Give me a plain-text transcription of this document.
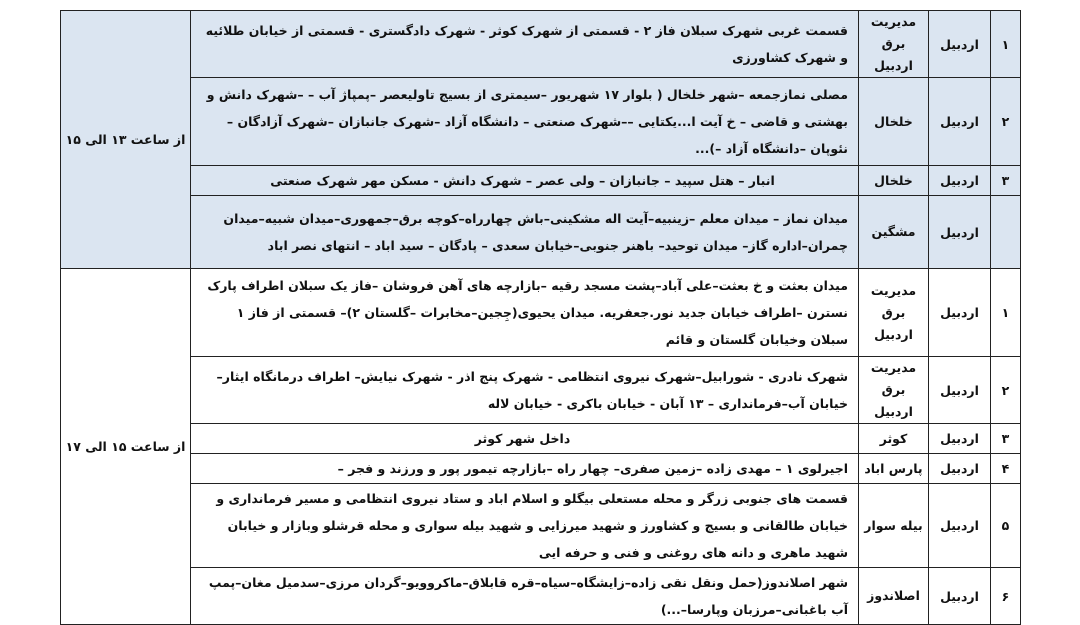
۱	اردبیل	مدیریت برق اردبیل	قسمت غربی شهرک سبلان فاز ۲ - قسمتی از شهرک کوثر - شهرک دادگستری - قسمتی از خیابان طلائیه و شهرک کشاورزی	از ساعت ۱۳ الی ۱۵
۲	اردبیل	خلخال	مصلی نمازجمعه –شهر خلخال ( بلوار ۱۷ شهریور –سیمتری از بسیج تاولیعصر –پمپاژ آب – –شهرک دانش و بهشتی و قاضی – خ آیت ا...یکتایی ––شهرک صنعتی – دانشگاه آزاد –شهرک جانبازان –شهرک آزادگان – نئوپان –دانشگاه آزاد –)...	
۳	اردبیل	خلخال	انبار – هتل سپید – جانبازان – ولی عصر – شهرک دانش - مسکن مهر شهرک صنعتی	
	اردبیل	مشگین	میدان نماز – میدان معلم –زینبیه–آیت اله مشکینی–باش چهارراه–کوچه برق–جمهوری–میدان شبیه–میدان چمران–اداره گاز– میدان توحید– باهنر جنوبی–خیابان سعدی – پادگان – سید اباد – انتهای نصر اباد	
۱	اردبیل	مدیریت برق اردبیل	میدان بعثت و خ بعثت–علی آباد–پشت مسجد رقیه –بازارچه های آهن فروشان –فاز یک سبلان اطراف پارک نسترن –اطراف خیابان جدید نور.جعفریه. میدان یحیوی(جِجین–مخابرات –گلستان ۲)– قسمتی از فاز ۱ سبلان وخیابان گلستان و قائم	از ساعت ۱۵ الی ۱۷
۲	اردبیل	مدیریت برق اردبیل	شهرک نادری - شورابیل–شهرک نیروی انتظامی - شهرک پنج اذر - شهرک نیایش– اطراف درمانگاه ایثار–خیابان آب–فرمانداری – ۱۳ آبان - خیابان باکری - خیابان لاله	
۳	اردبیل	کوثر	داخل شهر کوثر	
۴	اردبیل	پارس اباد	اجیرلوی ۱ – مهدی زاده –زمین صفری– چهار راه –بازارچه تیمور پور و ورزند و فجر –	
۵	اردبیل	بیله سوار	قسمت های جنوبی زرگر و محله مستعلی بیگلو و اسلام اباد و ستاد نیروی انتظامی و مسیر فرمانداری و خیابان طالقانی و بسیج و کشاورز و شهید میرزایی و شهید بیله سواری و محله قرشلو وبازار و خیابان شهید ماهری و دانه های روغنی و فنی و حرفه ایی	
۶	اردبیل	اصلاندوز	شهر اصلاندوز(حمل ونقل نقی زاده–زایشگاه–سیاه–قره قابلاق–ماکروویو–گردان مرزی–سدمیل مغان–پمپ آب باغبانی–مرزبان وپارسا–...)	
